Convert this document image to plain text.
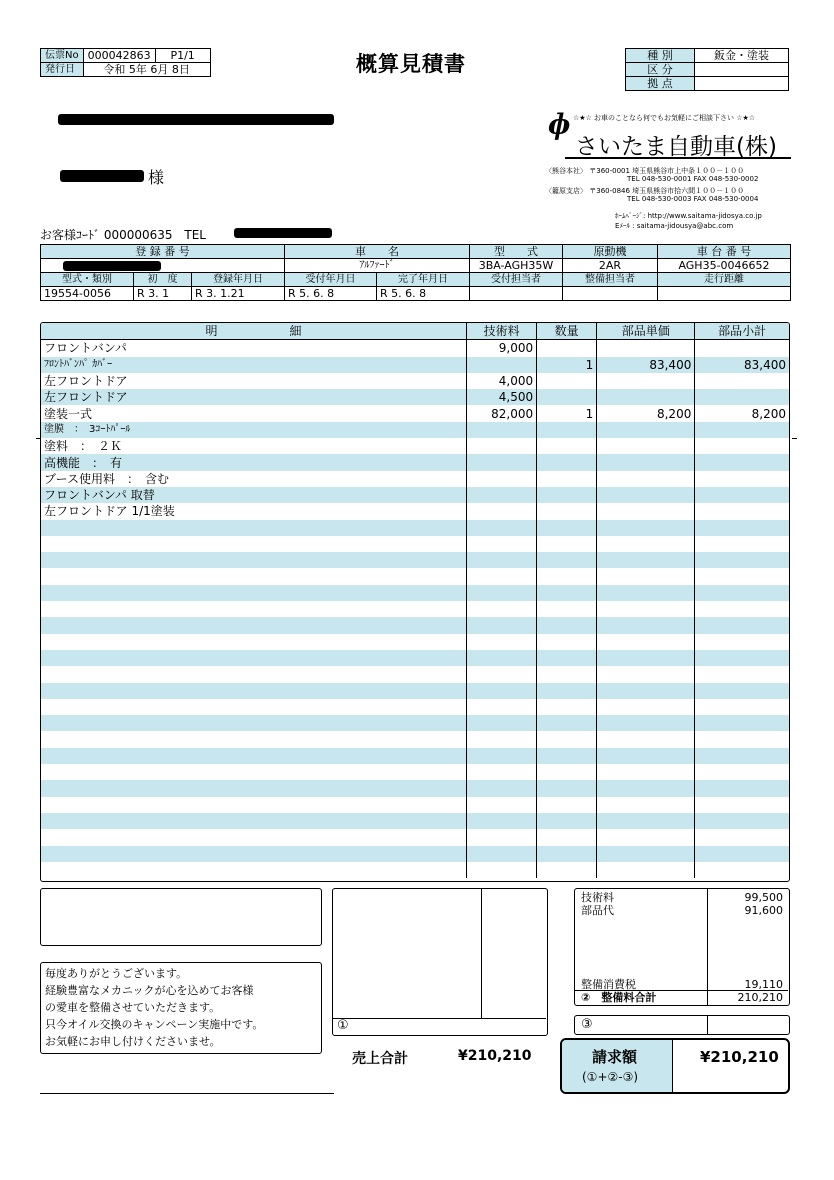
伝票No	000042863	P1/1
発行日	令和 5年 6月 8日		概算見積書	種 別	鈑金・塗装
区 分	
拠 点	
様
ɸ ☆★☆ お車のことなら何でもお気軽にご相談下さい ☆★☆
さいたま自動車(株)
〈熊谷本社〉 〒360-0001 埼玉県熊谷市上中条１００－１００
TEL 048-530-0001 FAX 048-530-0002
〈籠原支店〉 〒360-0846 埼玉県熊谷市拾六間１００－１００
TEL 048-530-0003 FAX 048-530-0004
ﾎｰﾑﾍﾟｰｼﾞ: http://www.saitama-jidosya.co.jp
Eﾒｰﾙ : saitama-jidousya@abc.com
お客様ｺｰﾄﾞ 000000635 TEL
登 録 番 号			車　　名		型　　式	原動機	車 台 番 号

			ｱﾙﾌｧｰﾄﾞ		3BA-AGH35W	2AR	AGH35-0046652
型式・類別	初　度	登録年月日	受付年月日	完了年月日	受付担当者	整備担当者	走行距離
19554-0056	R 3. 1	R 3. 1.21	R 5. 6. 8	R 5. 6. 8			
明　　　　　　細	技術料	数量	部品単価	部品小計
フロントバンパ	9,000			
ﾌﾛﾝﾄﾊﾞﾝﾊﾟ ｶﾊﾞｰ		1	83,400	83,400
左フロントドア	4,000			
左フロントドア	4,500			
塗装一式	82,000	1	8,200	8,200
塗膜　：　3ｺｰﾄﾊﾟｰﾙ				
塗料　：　２Ｋ				
高機能　：　有				
ブース使用料　：　含む				
フロントバンパ 取替				
左フロントドア 1/1塗装				

毎度ありがとうございます。
経験豊富なメカニックが心を込めてお客様
の愛車を整備させていただきます。
只今オイル交換のキャンペーン実施中です。
お気軽にお申し付けくださいませ。
①
売上合計	¥210,210
技術料	99,500
部品代	91,600
整備消費税	19,110
②　整備料合計	210,210
③
請求額
(①+②-③)
¥210,210
